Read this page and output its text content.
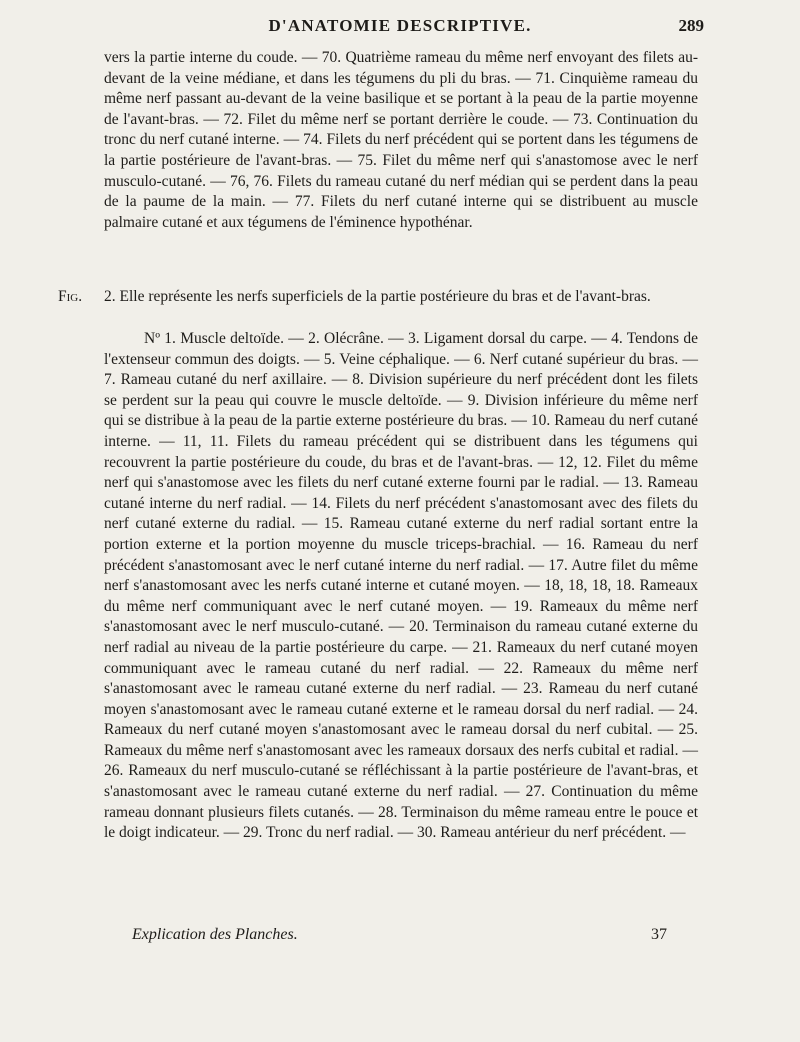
D'ANATOMIE DESCRIPTIVE.	289
vers la partie interne du coude. — 70. Quatrième rameau du même nerf envoyant des filets au-devant de la veine médiane, et dans les tégumens du pli du bras. — 71. Cinquième rameau du même nerf passant au-devant de la veine basilique et se portant à la peau de la partie moyenne de l'avant-bras. — 72. Filet du même nerf se portant derrière le coude. — 73. Continuation du tronc du nerf cutané interne. — 74. Filets du nerf précédent qui se portent dans les tégumens de la partie postérieure de l'avant-bras. — 75. Filet du même nerf qui s'anastomose avec le nerf musculo-cutané. — 76, 76. Filets du rameau cutané du nerf médian qui se perdent dans la peau de la paume de la main. — 77. Filets du nerf cutané interne qui se distribuent au muscle palmaire cutané et aux tégumens de l'éminence hypothénar.
Fig. 2. Elle représente les nerfs superficiels de la partie postérieure du bras et de l'avant-bras.
Nº 1. Muscle deltoïde. — 2. Olécrâne. — 3. Ligament dorsal du carpe. — 4. Tendons de l'extenseur commun des doigts. — 5. Veine céphalique. — 6. Nerf cutané supérieur du bras. — 7. Rameau cutané du nerf axillaire. — 8. Division supérieure du nerf précédent dont les filets se perdent sur la peau qui couvre le muscle deltoïde. — 9. Division inférieure du même nerf qui se distribue à la peau de la partie externe postérieure du bras. — 10. Rameau du nerf cutané interne. — 11, 11. Filets du rameau précédent qui se distribuent dans les tégumens qui recouvrent la partie postérieure du coude, du bras et de l'avant-bras. — 12, 12. Filet du même nerf qui s'anastomose avec les filets du nerf cutané externe fourni par le radial. — 13. Rameau cutané interne du nerf radial. — 14. Filets du nerf précédent s'anastomosant avec des filets du nerf cutané externe du radial. — 15. Rameau cutané externe du nerf radial sortant entre la portion externe et la portion moyenne du muscle triceps-brachial. — 16. Rameau du nerf précédent s'anastomosant avec le nerf cutané interne du nerf radial. — 17. Autre filet du même nerf s'anastomosant avec les nerfs cutané interne et cutané moyen. — 18, 18, 18, 18. Rameaux du même nerf communiquant avec le nerf cutané moyen. — 19. Rameaux du même nerf s'anastomosant avec le nerf musculo-cutané. — 20. Terminaison du rameau cutané externe du nerf radial au niveau de la partie postérieure du carpe. — 21. Rameaux du nerf cutané moyen communiquant avec le rameau cutané du nerf radial. — 22. Rameaux du même nerf s'anastomosant avec le rameau cutané externe du nerf radial. — 23. Rameau du nerf cutané moyen s'anastomosant avec le rameau cutané externe et le rameau dorsal du nerf radial. — 24. Rameaux du nerf cutané moyen s'anastomosant avec le rameau dorsal du nerf cubital. — 25. Rameaux du même nerf s'anastomosant avec les rameaux dorsaux des nerfs cubital et radial. — 26. Rameaux du nerf musculo-cutané se réfléchissant à la partie postérieure de l'avant-bras, et s'anastomosant avec le rameau cutané externe du nerf radial. — 27. Continuation du même rameau donnant plusieurs filets cutanés. — 28. Terminaison du même rameau entre le pouce et le doigt indicateur. — 29. Tronc du nerf radial. — 30. Rameau antérieur du nerf précédent. —
Explication des Planches.	37
